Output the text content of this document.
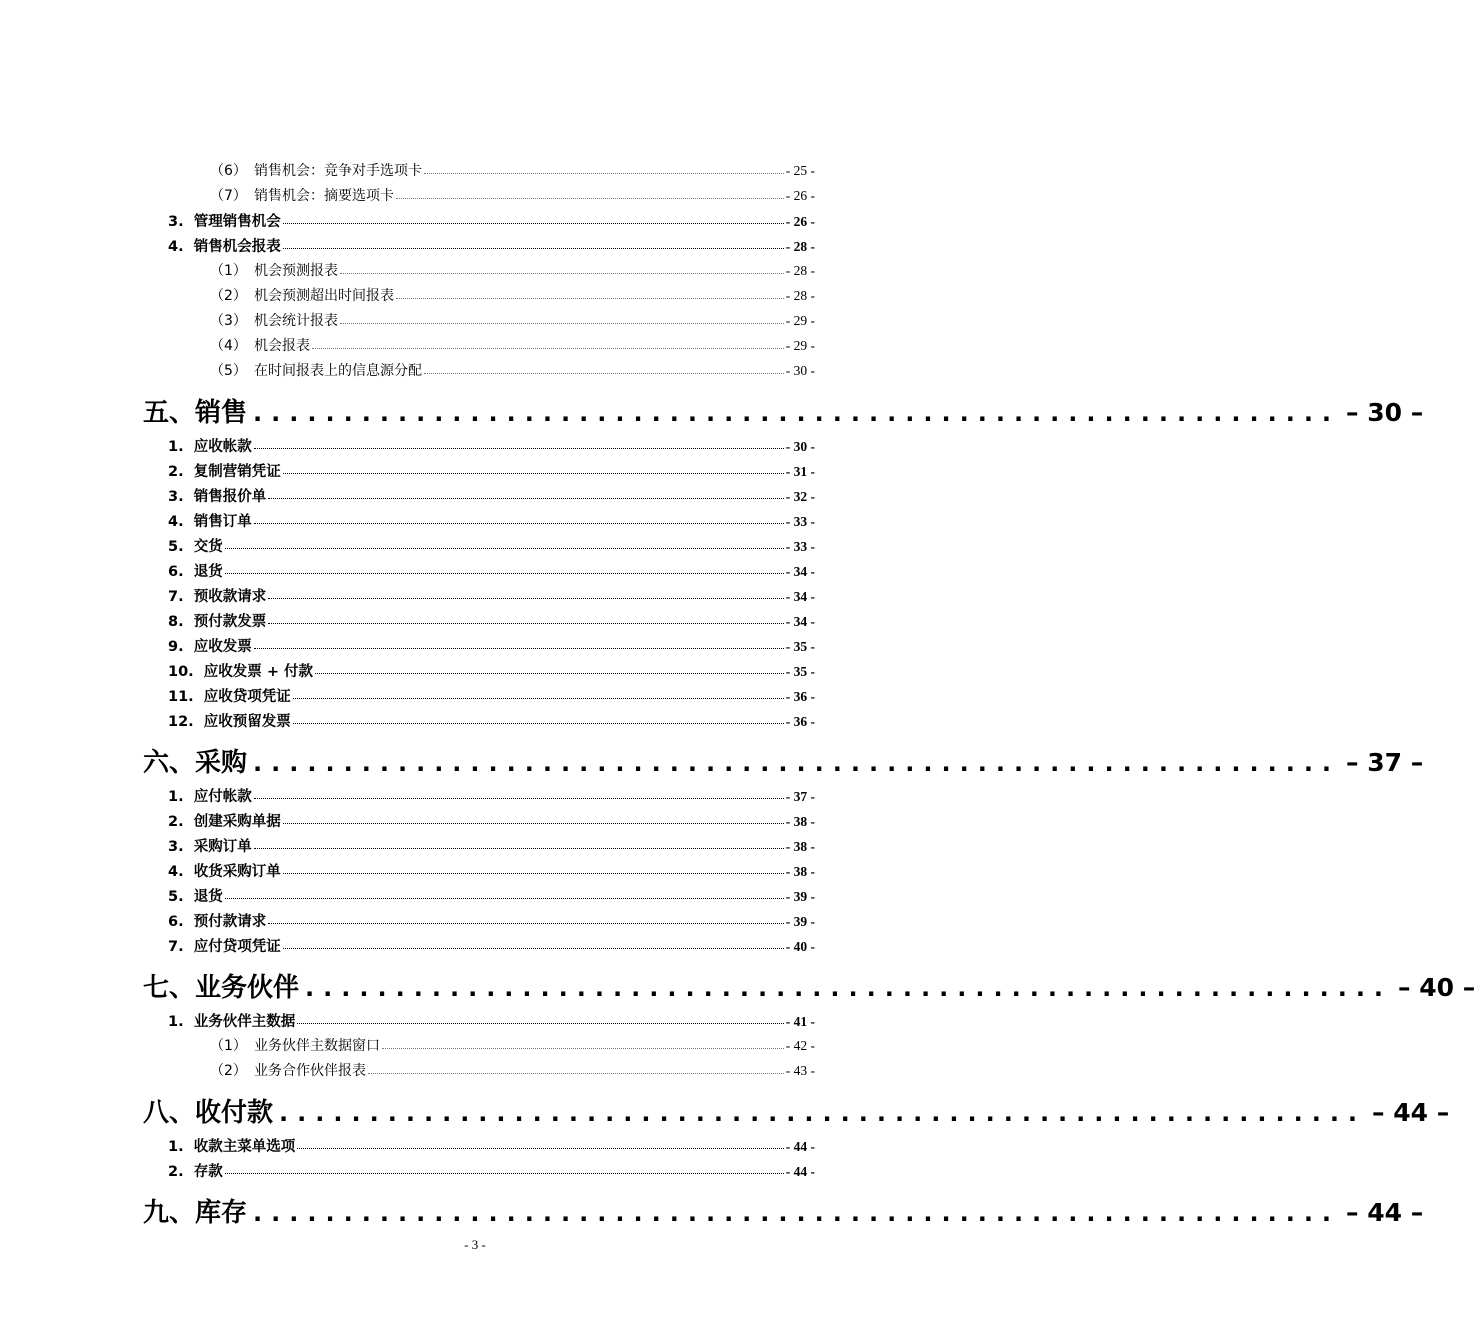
（6） 销售机会：竞争对手选项卡	- 25 -
（7） 销售机会：摘要选项卡	- 26 -
3. 管理销售机会	- 26 -
4. 销售机会报表	- 28 -
（1） 机会预测报表	- 28 -
（2） 机会预测超出时间报表	- 28 -
（3） 机会统计报表	- 29 -
（4） 机会报表	- 29 -
（5） 在时间报表上的信息源分配	- 30 -
五、销售 ............................................................ – 30 –
1. 应收帐款	- 30 -
2. 复制营销凭证	- 31 -
3. 销售报价单	- 32 -
4. 销售订单	- 33 -
5. 交货	- 33 -
6. 退货	- 34 -
7. 预收款请求	- 34 -
8. 预付款发票	- 34 -
9. 应收发票	- 35 -
10. 应收发票 + 付款	- 35 -
11. 应收贷项凭证	- 36 -
12. 应收预留发票	- 36 -
六、采购 ............................................................ – 37 –
1. 应付帐款	- 37 -
2. 创建采购单据	- 38 -
3. 采购订单	- 38 -
4. 收货采购订单	- 38 -
5. 退货	- 39 -
6. 预付款请求	- 39 -
7. 应付贷项凭证	- 40 -
七、业务伙伴 ............................................................ – 40 –
1. 业务伙伴主数据	- 41 -
（1） 业务伙伴主数据窗口	- 42 -
（2） 业务合作伙伴报表	- 43 -
八、收付款 ............................................................ – 44 –
1. 收款主菜单选项	- 44 -
2. 存款	- 44 -
九、库存 ............................................................ – 44 –
- 3 -
